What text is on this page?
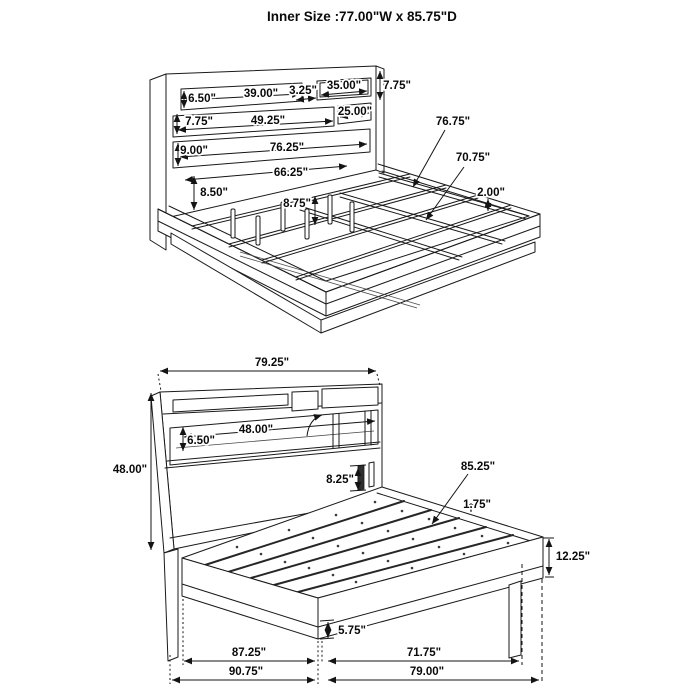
Inner Size :77.00"W x 85.75"D
6.50" 39.00" 3.25" 35.00" 7.75"
7.75"	49.25"
25.00"
9.00"	76.25"
66.25"
8.50"
8.75"
76.75"
70.75"
2.00"
79.25"
48.00"
48.00"
6.50"
8.25"
85.25"
1.75"
12.25"
5.75"
87.25"	71.75"
90.75"	79.00"
